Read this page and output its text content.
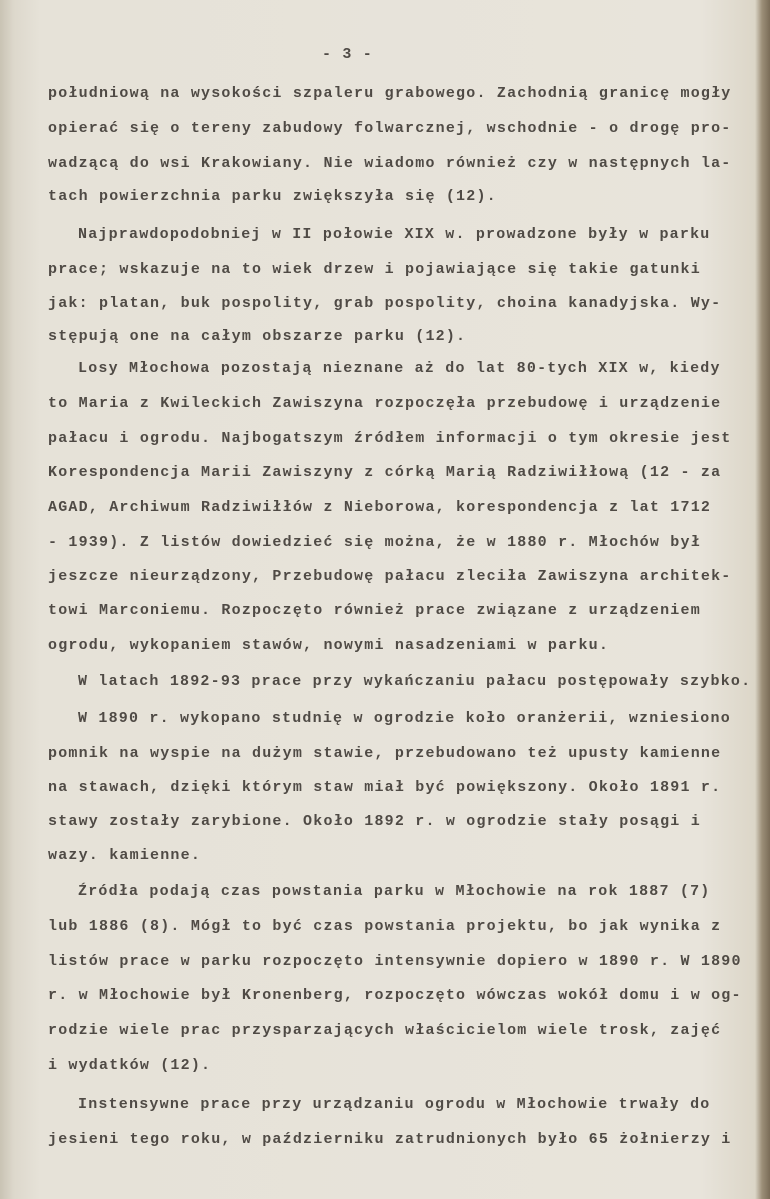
- 3 -
południową na wysokości szpaleru grabowego. Zachodnią granicę mogły
opierać się o tereny zabudowy folwarcznej, wschodnie - o drogę pro-
wadzącą do wsi Krakowiany. Nie wiadomo również czy w następnych la-
tach powierzchnia parku zwiększyła się (12).
Najprawdopodobniej w II połowie XIX w. prowadzone były w parku
prace; wskazuje na to wiek drzew i pojawiające się takie gatunki
jak: platan, buk pospolity, grab pospolity, choina kanadyjska. Wy-
stępują one na całym obszarze parku (12).
Losy Młochowa pozostają nieznane aż do lat 80-tych XIX w, kiedy
to Maria z Kwileckich Zawiszyna rozpoczęła przebudowę i urządzenie
pałacu i ogrodu. Najbogatszym źródłem informacji o tym okresie jest
Korespondencja Marii Zawiszyny z córką Marią Radziwiłłową (12 - za
AGAD, Archiwum Radziwiłłów z Nieborowa, korespondencja z lat 1712
- 1939). Z listów dowiedzieć się można, że w 1880 r. Młochów był
jeszcze nieurządzony, Przebudowę pałacu zleciła Zawiszyna architek-
towi Marconiemu. Rozpoczęto również prace związane z urządzeniem
ogrodu, wykopaniem stawów, nowymi nasadzeniami w parku.
W latach 1892-93 prace przy wykańczaniu pałacu postępowały szybko.
W 1890 r. wykopano studnię w ogrodzie koło oranżerii, wzniesiono
pomnik na wyspie na dużym stawie, przebudowano też upusty kamienne
na stawach, dzięki którym staw miał być powiększony. Około 1891 r.
stawy zostały zarybione. Około 1892 r. w ogrodzie stały posągi i
wazy. kamienne.
Źródła podają czas powstania parku w Młochowie na rok 1887 (7)
lub 1886 (8). Mógł to być czas powstania projektu, bo jak wynika z
listów prace w parku rozpoczęto intensywnie dopiero w 1890 r. W 1890
r. w Młochowie był Kronenberg, rozpoczęto wówczas wokół domu i w og-
rodzie wiele prac przysparzających właścicielom wiele trosk, zajęć
i wydatków (12).
Instensywne prace przy urządzaniu ogrodu w Młochowie trwały do
jesieni tego roku, w październiku zatrudnionych było 65 żołnierzy i
